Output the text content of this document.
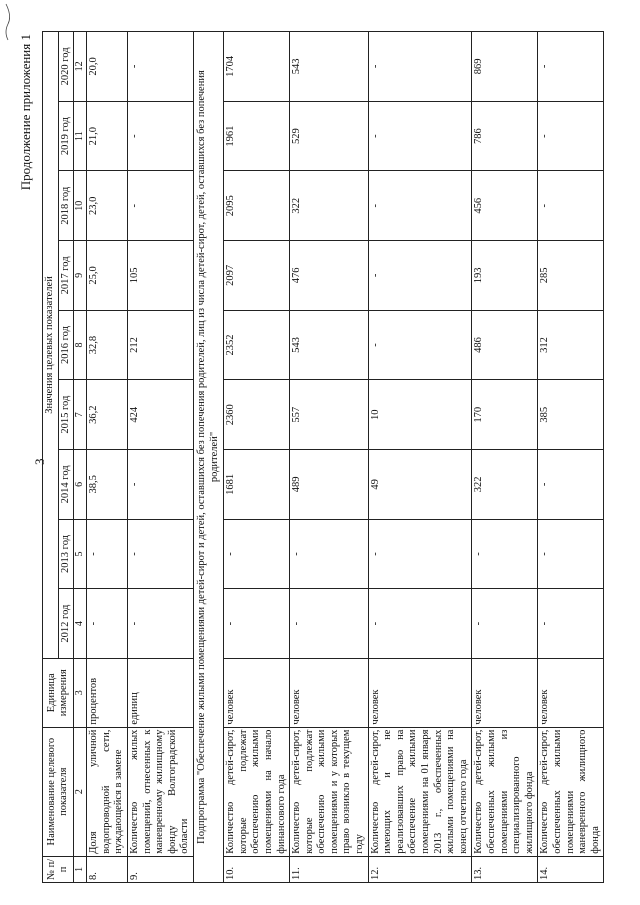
3
Продолжение приложения 1
№ п/п	Наименование целевого показателя	Единица измерения	Значения целевых показателей								
			2012 год	2013 год	2014 год	2015 год	2016 год	2017 год	2018 год	2019 год	2020 год
1	2	3	4	5	6	7	8	9	10	11	12
8.	Доля уличной водопроводной сети, нуждающейся в замене	процентов	-	-	38,5	36,2	32,8	25,0	23,0	21,0	20,0
9.	Количество жилых помещений, отнесенных к маневренному жилищному фонду Волгоградской области	единиц	-	-	-	424	212	105	-	-	-
Подпрограмма "Обеспечение жилыми помещениями детей-сирот и детей, оставшихся без попечения родителей, лиц из числа детей-сирот, детей, оставшихся без попечения родителей"											
10.	Количество детей-сирот, которые подлежат обеспечению жилыми помещениями на начало финансового года	человек	-	-	1681	2360	2352	2097	2095	1961	1704
11.	Количество детей-сирот, которые подлежат обеспечению жилыми помещениями и у которых право возникло в текущем году	человек	-	-	489	557	543	476	322	529	543
12.	Количество детей-сирот, имеющих и не реализовавших право на обеспечение жилыми помещениями на 01 января 2013 г., обеспеченных жилыми помещениями на конец отчетного года	человек	-	-	49	10	-	-	-	-	-
13.	Количество детей-сирот, обеспеченных жилыми помещениями из специализированного жилищного фонда	человек	-	-	322	170	486	193	456	786	869
14.	Количество детей-сирот, обеспеченных жилыми помещениями маневренного жилищного фонда	человек	-	-	-	385	312	285	-	-	-
